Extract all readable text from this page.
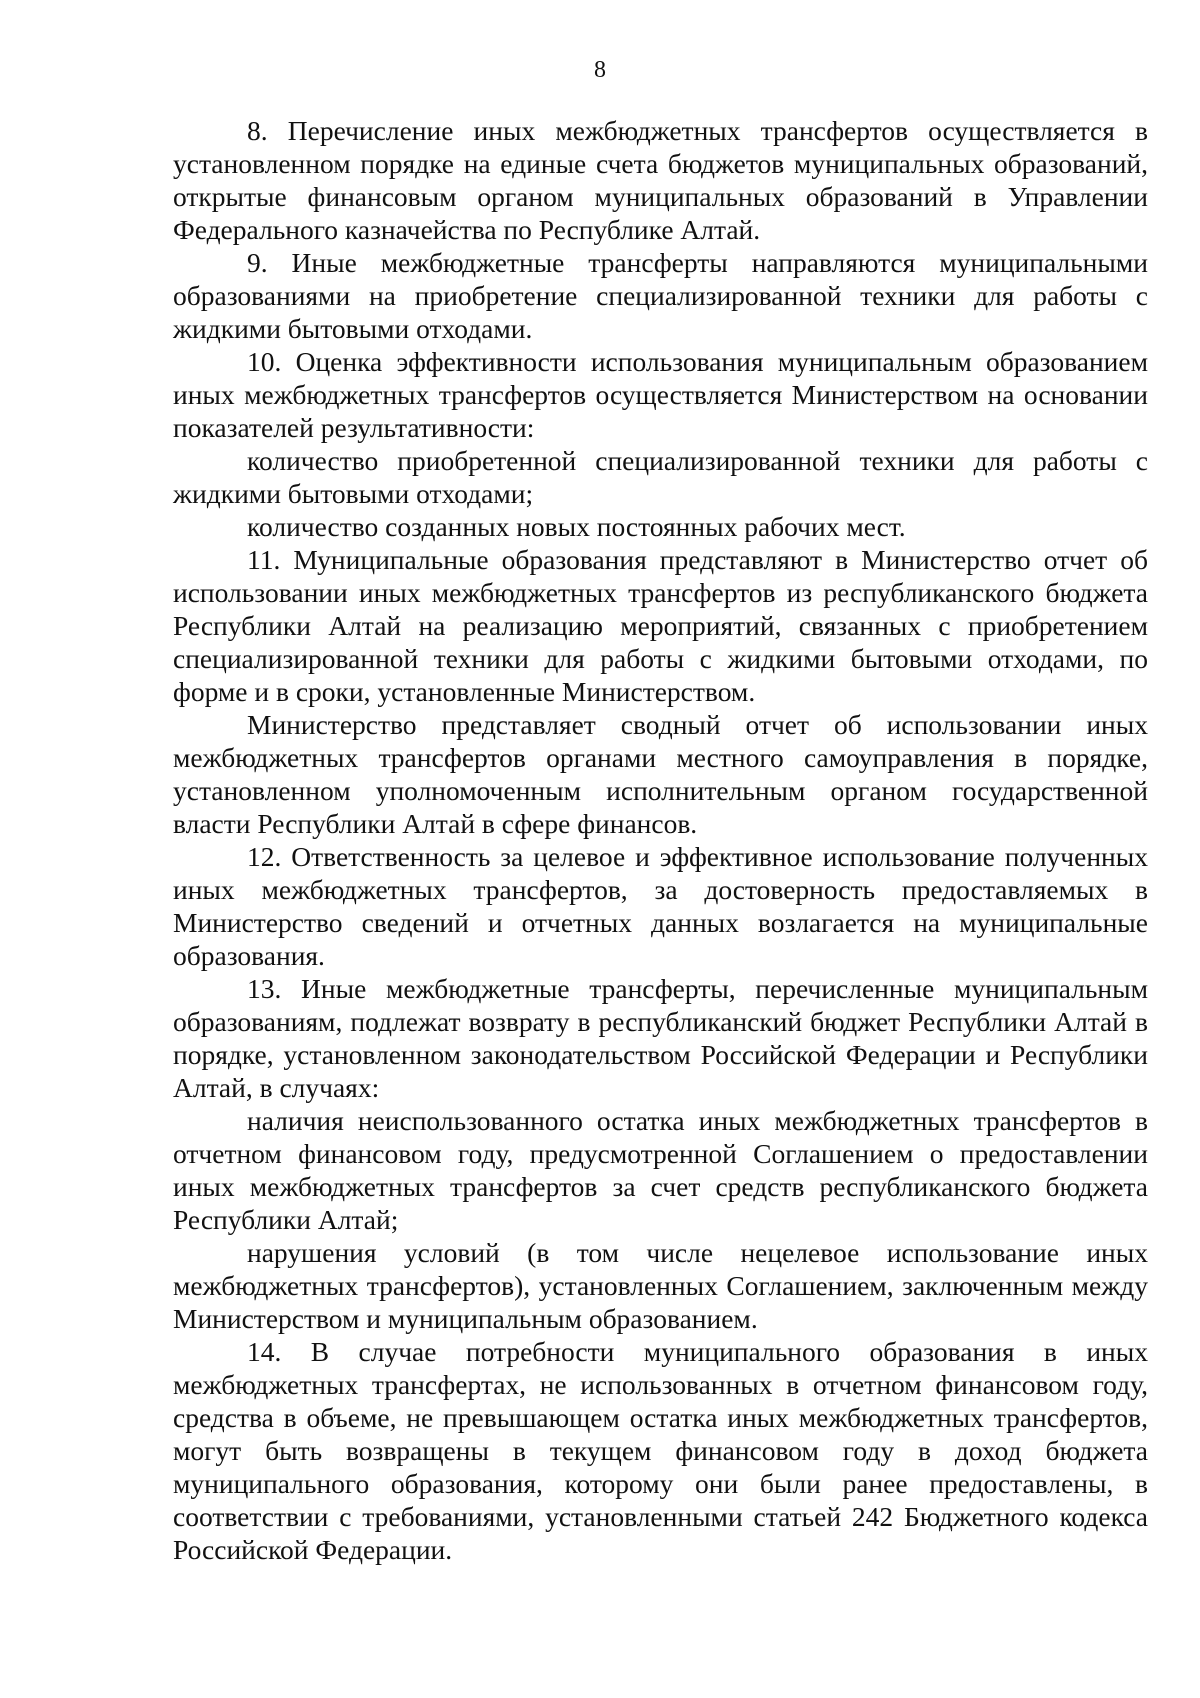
8

8. Перечисление иных межбюджетных трансфертов осуществляется в установленном порядке на единые счета бюджетов муниципальных образований, открытые финансовым органом муниципальных образований в Управлении Федерального казначейства по Республике Алтай.

9. Иные межбюджетные трансферты направляются муниципальными образованиями на приобретение специализированной техники для работы с жидкими бытовыми отходами.

10. Оценка эффективности использования муниципальным образованием иных межбюджетных трансфертов осуществляется Министерством на основании показателей результативности:

количество приобретенной специализированной техники для работы с жидкими бытовыми отходами;

количество созданных новых постоянных рабочих мест.

11. Муниципальные образования представляют в Министерство отчет об использовании иных межбюджетных трансфертов из республиканского бюджета Республики Алтай на реализацию мероприятий, связанных с приобретением специализированной техники для работы с жидкими бытовыми отходами, по форме и в сроки, установленные Министерством.

Министерство представляет сводный отчет об использовании иных межбюджетных трансфертов органами местного самоуправления в порядке, установленном уполномоченным исполнительным органом государственной власти Республики Алтай в сфере финансов.

12. Ответственность за целевое и эффективное использование полученных иных межбюджетных трансфертов, за достоверность предоставляемых в Министерство сведений и отчетных данных возлагается на муниципальные образования.

13. Иные межбюджетные трансферты, перечисленные муниципальным образованиям, подлежат возврату в республиканский бюджет Республики Алтай в порядке, установленном законодательством Российской Федерации и Республики Алтай, в случаях:

наличия неиспользованного остатка иных межбюджетных трансфертов в отчетном финансовом году, предусмотренной Соглашением о предоставлении иных межбюджетных трансфертов за счет средств республиканского бюджета Республики Алтай;

нарушения условий (в том числе нецелевое использование иных межбюджетных трансфертов), установленных Соглашением, заключенным между Министерством и муниципальным образованием.

14. В случае потребности муниципального образования в иных межбюджетных трансфертах, не использованных в отчетном финансовом году, средства в объеме, не превышающем остатка иных межбюджетных трансфертов, могут быть возвращены в текущем финансовом году в доход бюджета муниципального образования, которому они были ранее предоставлены, в соответствии с требованиями, установленными статьей 242 Бюджетного кодекса Российской Федерации.
